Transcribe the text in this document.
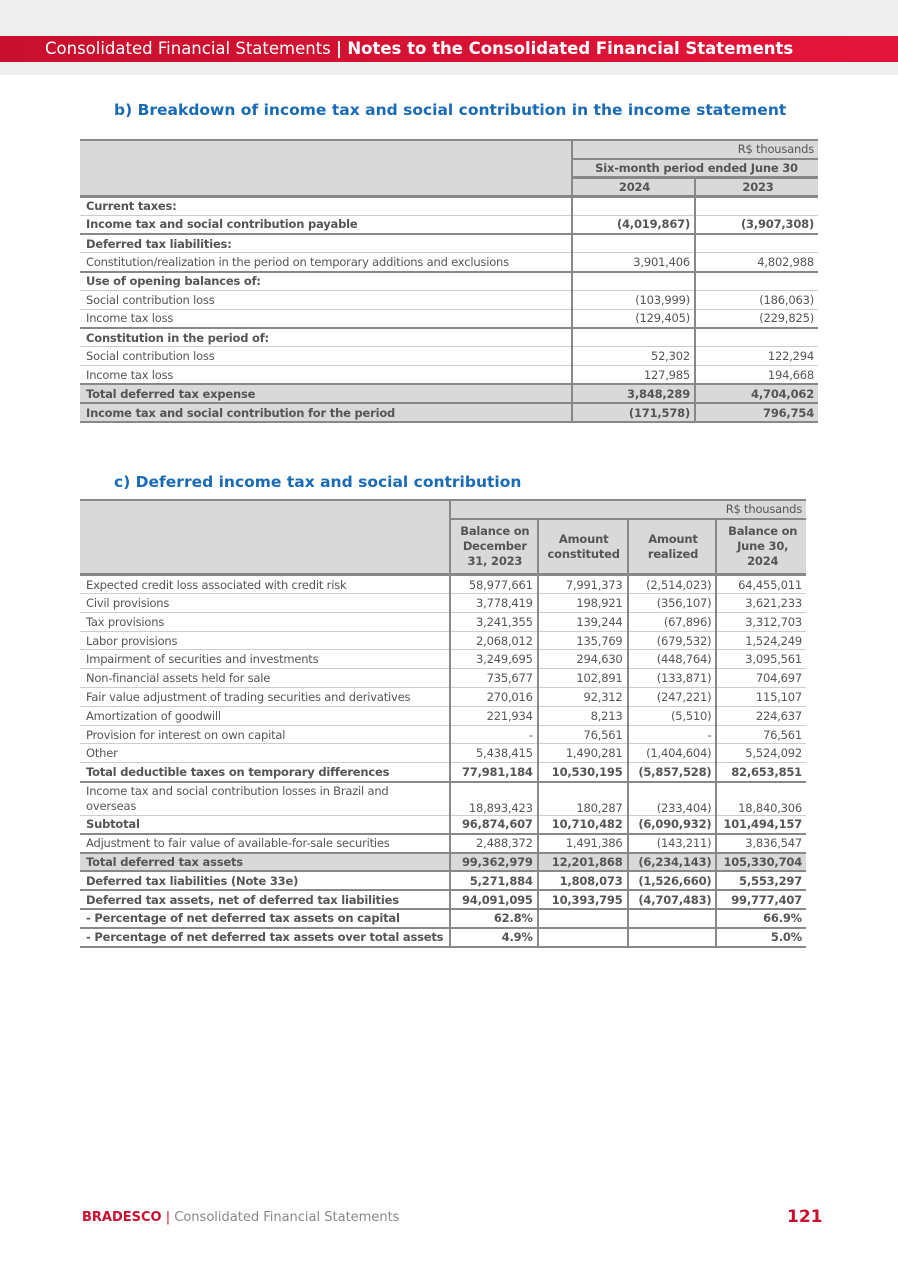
Consolidated Financial Statements | Notes to the Consolidated Financial Statements
b) Breakdown of income tax and social contribution in the income statement
	R$ thousands	
	Six-month period ended June 30	
	2024	2023
Current taxes:		
Income tax and social contribution payable	(4,019,867)	(3,907,308)
Deferred tax liabilities:		
Constitution/realization in the period on temporary additions and exclusions	3,901,406	4,802,988
Use of opening balances of:		
Social contribution loss	(103,999)	(186,063)
Income tax loss	(129,405)	(229,825)
Constitution in the period of:		
Social contribution loss	52,302	122,294
Income tax loss	127,985	194,668
Total deferred tax expense	3,848,289	4,704,062
Income tax and social contribution for the period	(171,578)	796,754
c) Deferred income tax and social contribution
	R$ thousands			
	Balance on December 31, 2023	Amount constituted	Amount realized	Balance on June 30, 2024
Expected credit loss associated with credit risk	58,977,661	7,991,373	(2,514,023)	64,455,011
Civil provisions	3,778,419	198,921	(356,107)	3,621,233
Tax provisions	3,241,355	139,244	(67,896)	3,312,703
Labor provisions	2,068,012	135,769	(679,532)	1,524,249
Impairment of securities and investments	3,249,695	294,630	(448,764)	3,095,561
Non-financial assets held for sale	735,677	102,891	(133,871)	704,697
Fair value adjustment of trading securities and derivatives	270,016	92,312	(247,221)	115,107
Amortization of goodwill	221,934	8,213	(5,510)	224,637
Provision for interest on own capital	-	76,561	-	76,561
Other	5,438,415	1,490,281	(1,404,604)	5,524,092
Total deductible taxes on temporary differences	77,981,184	10,530,195	(5,857,528)	82,653,851
Income tax and social contribution losses in Brazil and overseas	18,893,423	180,287	(233,404)	18,840,306
Subtotal	96,874,607	10,710,482	(6,090,932)	101,494,157
Adjustment to fair value of available-for-sale securities	2,488,372	1,491,386	(143,211)	3,836,547
Total deferred tax assets	99,362,979	12,201,868	(6,234,143)	105,330,704
Deferred tax liabilities (Note 33e)	5,271,884	1,808,073	(1,526,660)	5,553,297
Deferred tax assets, net of deferred tax liabilities	94,091,095	10,393,795	(4,707,483)	99,777,407
- Percentage of net deferred tax assets on capital	62.8%			66.9%
- Percentage of net deferred tax assets over total assets	4.9%			5.0%
BRADESCO | Consolidated Financial Statements	121
